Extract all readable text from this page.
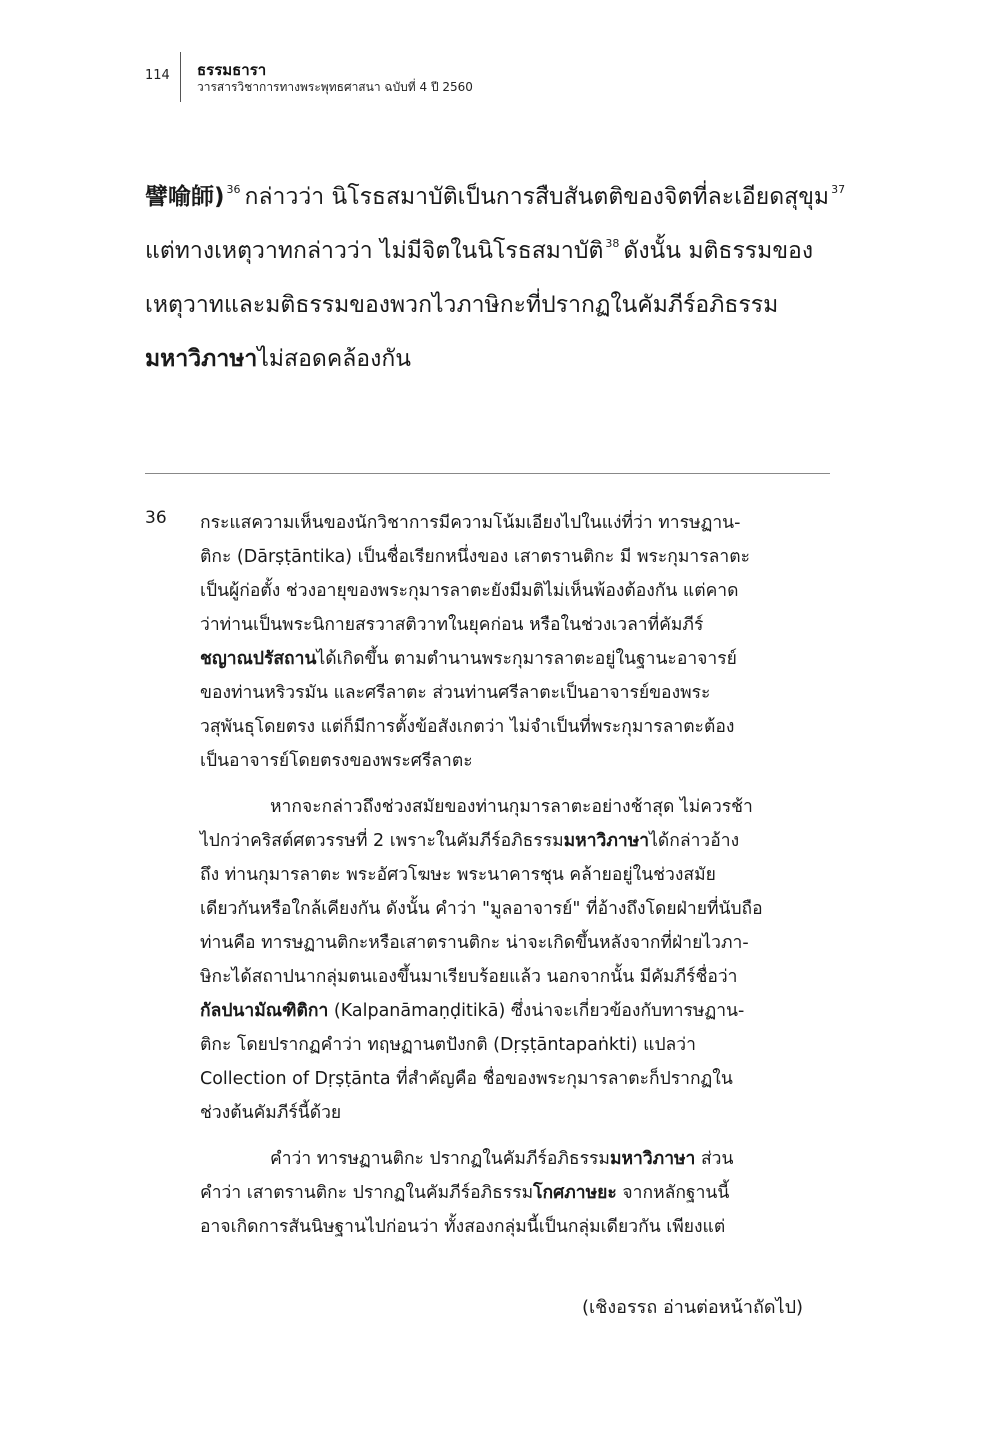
114 ธรรมธารา
วารสารวิชาการทางพระพุทธศาสนา ฉบับที่ 4 ปี 2560
譬喻師) $^{36}$ กล่าวว่า นิโรธสมาบัติเป็นการสืบสันตติของจิตที่ละเอียดสุขุม $^{37}$
แต่ทางเหตุวาทกล่าวว่า ไม่มีจิตในนิโรธสมาบัติ $^{38}$ ดังนั้น มติธรรมของ
เหตุวาทและมติธรรมของพวกไวภาษิกะที่ปรากฏในคัมภีร์อภิธรรม
มหาวิภาษาไม่สอดคล้องกัน
36 กระแสความเห็นของนักวิชาการมีความโน้มเอียงไปในแง่ที่ว่า ทารษฏาน-
ติกะ (Dārṣṭāntika) เป็นชื่อเรียกหนึ่งของ เสาตรานติกะ มี พระกุมารลาตะ
เป็นผู้ก่อตั้ง ช่วงอายุของพระกุมารลาตะยังมีมติไม่เห็นพ้องต้องกัน แต่คาด
ว่าท่านเป็นพระนิกายสรวาสติวาทในยุคก่อน หรือในช่วงเวลาที่คัมภีร์
ชญาณปรัสถานได้เกิดขึ้น ตามตำนานพระกุมารลาตะอยู่ในฐานะอาจารย์
ของท่านหริวรมัน และศรีลาตะ ส่วนท่านศรีลาตะเป็นอาจารย์ของพระ
วสุพันธุโดยตรง แต่ก็มีการตั้งข้อสังเกตว่า ไม่จำเป็นที่พระกุมารลาตะต้อง
เป็นอาจารย์โดยตรงของพระศรีลาตะ
หากจะกล่าวถึงช่วงสมัยของท่านกุมารลาตะอย่างช้าสุด ไม่ควรช้า
ไปกว่าคริสต์ศตวรรษที่ 2 เพราะในคัมภีร์อภิธรรมมหาวิภาษาได้กล่าวอ้าง
ถึง ท่านกุมารลาตะ พระอัศวโฆษะ พระนาคารชุน คล้ายอยู่ในช่วงสมัย
เดียวกันหรือใกล้เคียงกัน ดังนั้น คำว่า "มูลอาจารย์" ที่อ้างถึงโดยฝ่ายที่นับถือ
ท่านคือ ทารษฏานติกะหรือเสาตรานติกะ น่าจะเกิดขึ้นหลังจากที่ฝ่ายไวภา-
ษิกะได้สถาปนากลุ่มตนเองขึ้นมาเรียบร้อยแล้ว นอกจากนั้น มีคัมภีร์ชื่อว่า
กัลปนามัณฑิติกา (Kalpanāmaṇḍitikā) ซึ่งน่าจะเกี่ยวข้องกับทารษฏาน-
ติกะ โดยปรากฏคำว่า ทฤษฏานตปังกติ (Dṛṣṭāntapaṅkti) แปลว่า
Collection of Dṛṣṭānta ที่สำคัญคือ ชื่อของพระกุมารลาตะก็ปรากฏใน
ช่วงต้นคัมภีร์นี้ด้วย
คำว่า ทารษฏานติกะ ปรากฏในคัมภีร์อภิธรรมมหาวิภาษา ส่วน
คำว่า เสาตรานติกะ ปรากฏในคัมภีร์อภิธรรมโกศภาษยะ จากหลักฐานนี้
อาจเกิดการสันนิษฐานไปก่อนว่า ทั้งสองกลุ่มนี้เป็นกลุ่มเดียวกัน เพียงแต่
(เชิงอรรถ อ่านต่อหน้าถัดไป)
